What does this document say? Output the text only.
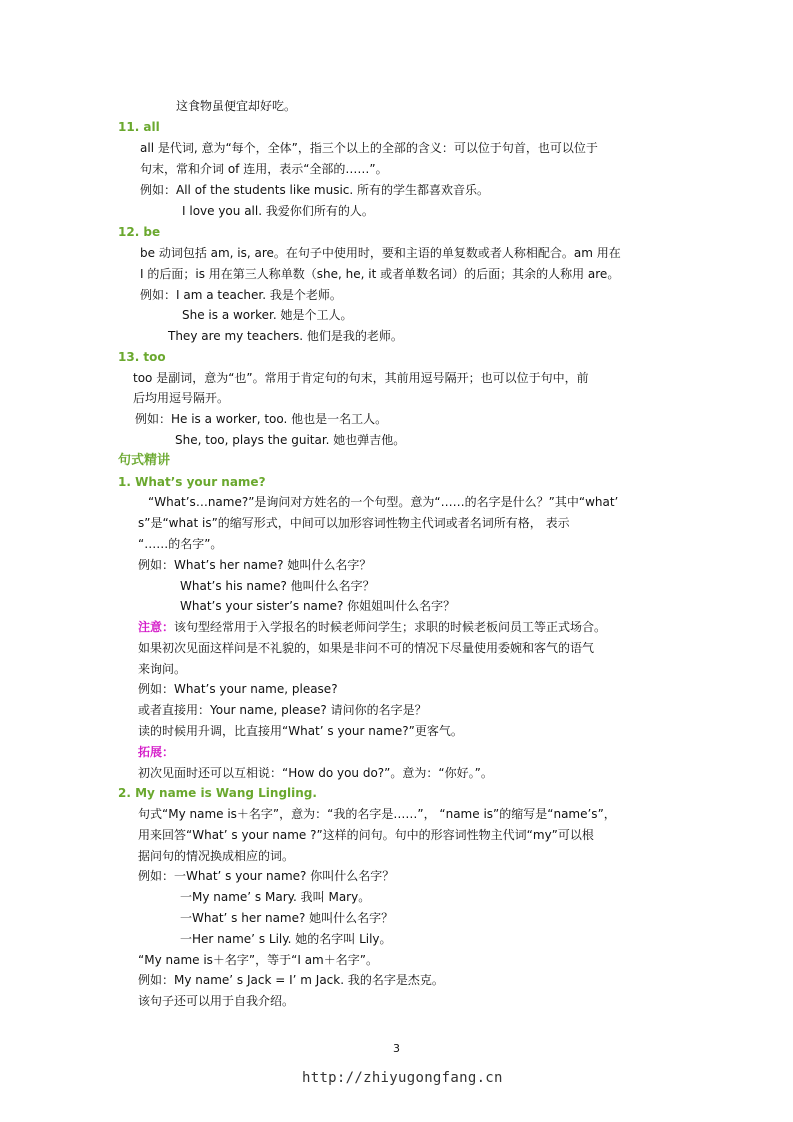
这食物虽便宜却好吃。
11. all
all 是代词, 意为“每个，全体”，指三个以上的全部的含义：可以位于句首，也可以位于
句末，常和介词 of 连用，表示“全部的……”。
例如：All of the students like music. 所有的学生都喜欢音乐。
I love you all. 我爱你们所有的人。
12. be
be 动词包括 am, is, are。在句子中使用时，要和主语的单复数或者人称相配合。am 用在
I 的后面；is 用在第三人称单数（she, he, it 或者单数名词）的后面；其余的人称用 are。
例如：I am a teacher. 我是个老师。
She is a worker. 她是个工人。
They are my teachers. 他们是我的老师。
13. too
too 是副词，意为“也”。常用于肯定句的句末，其前用逗号隔开；也可以位于句中，前
后均用逗号隔开。
例如：He is a worker, too. 他也是一名工人。
She, too, plays the guitar. 她也弹吉他。
句式精讲
1. What’s your name?
“What’s…name?”是询问对方姓名的一个句型。意为“……的名字是什么？”其中“what’
s”是“what is”的缩写形式，中间可以加形容词性物主代词或者名词所有格， 表示
“……的名字”。
例如：What’s her name? 她叫什么名字？
What’s his name? 他叫什么名字？
What’s your sister’s name? 你姐姐叫什么名字？
注意：该句型经常用于入学报名的时候老师问学生；求职的时候老板问员工等正式场合。
如果初次见面这样问是不礼貌的，如果是非问不可的情况下尽量使用委婉和客气的语气
来询问。
例如：What’s your name, please?
或者直接用：Your name, please? 请问你的名字是？
读的时候用升调，比直接用“What’ s your name?”更客气。
拓展：
初次见面时还可以互相说：“How do you do?”。意为：“你好。”。
2. My name is Wang Lingling.
句式“My name is＋名字”，意为：“我的名字是……”， “name is”的缩写是“name’s”，
用来回答“What’ s your name ?”这样的问句。句中的形容词性物主代词“my”可以根
据问句的情况换成相应的词。
例如：一What’ s your name? 你叫什么名字？
一My name’ s Mary. 我叫 Mary。
一What’ s her name? 她叫什么名字？
一Her name’ s Lily. 她的名字叫 Lily。
“My name is＋名字”，等于“I am＋名字”。
例如：My name’ s Jack = I’ m Jack. 我的名字是杰克。
该句子还可以用于自我介绍。
3
http://zhiyugongfang.cn
